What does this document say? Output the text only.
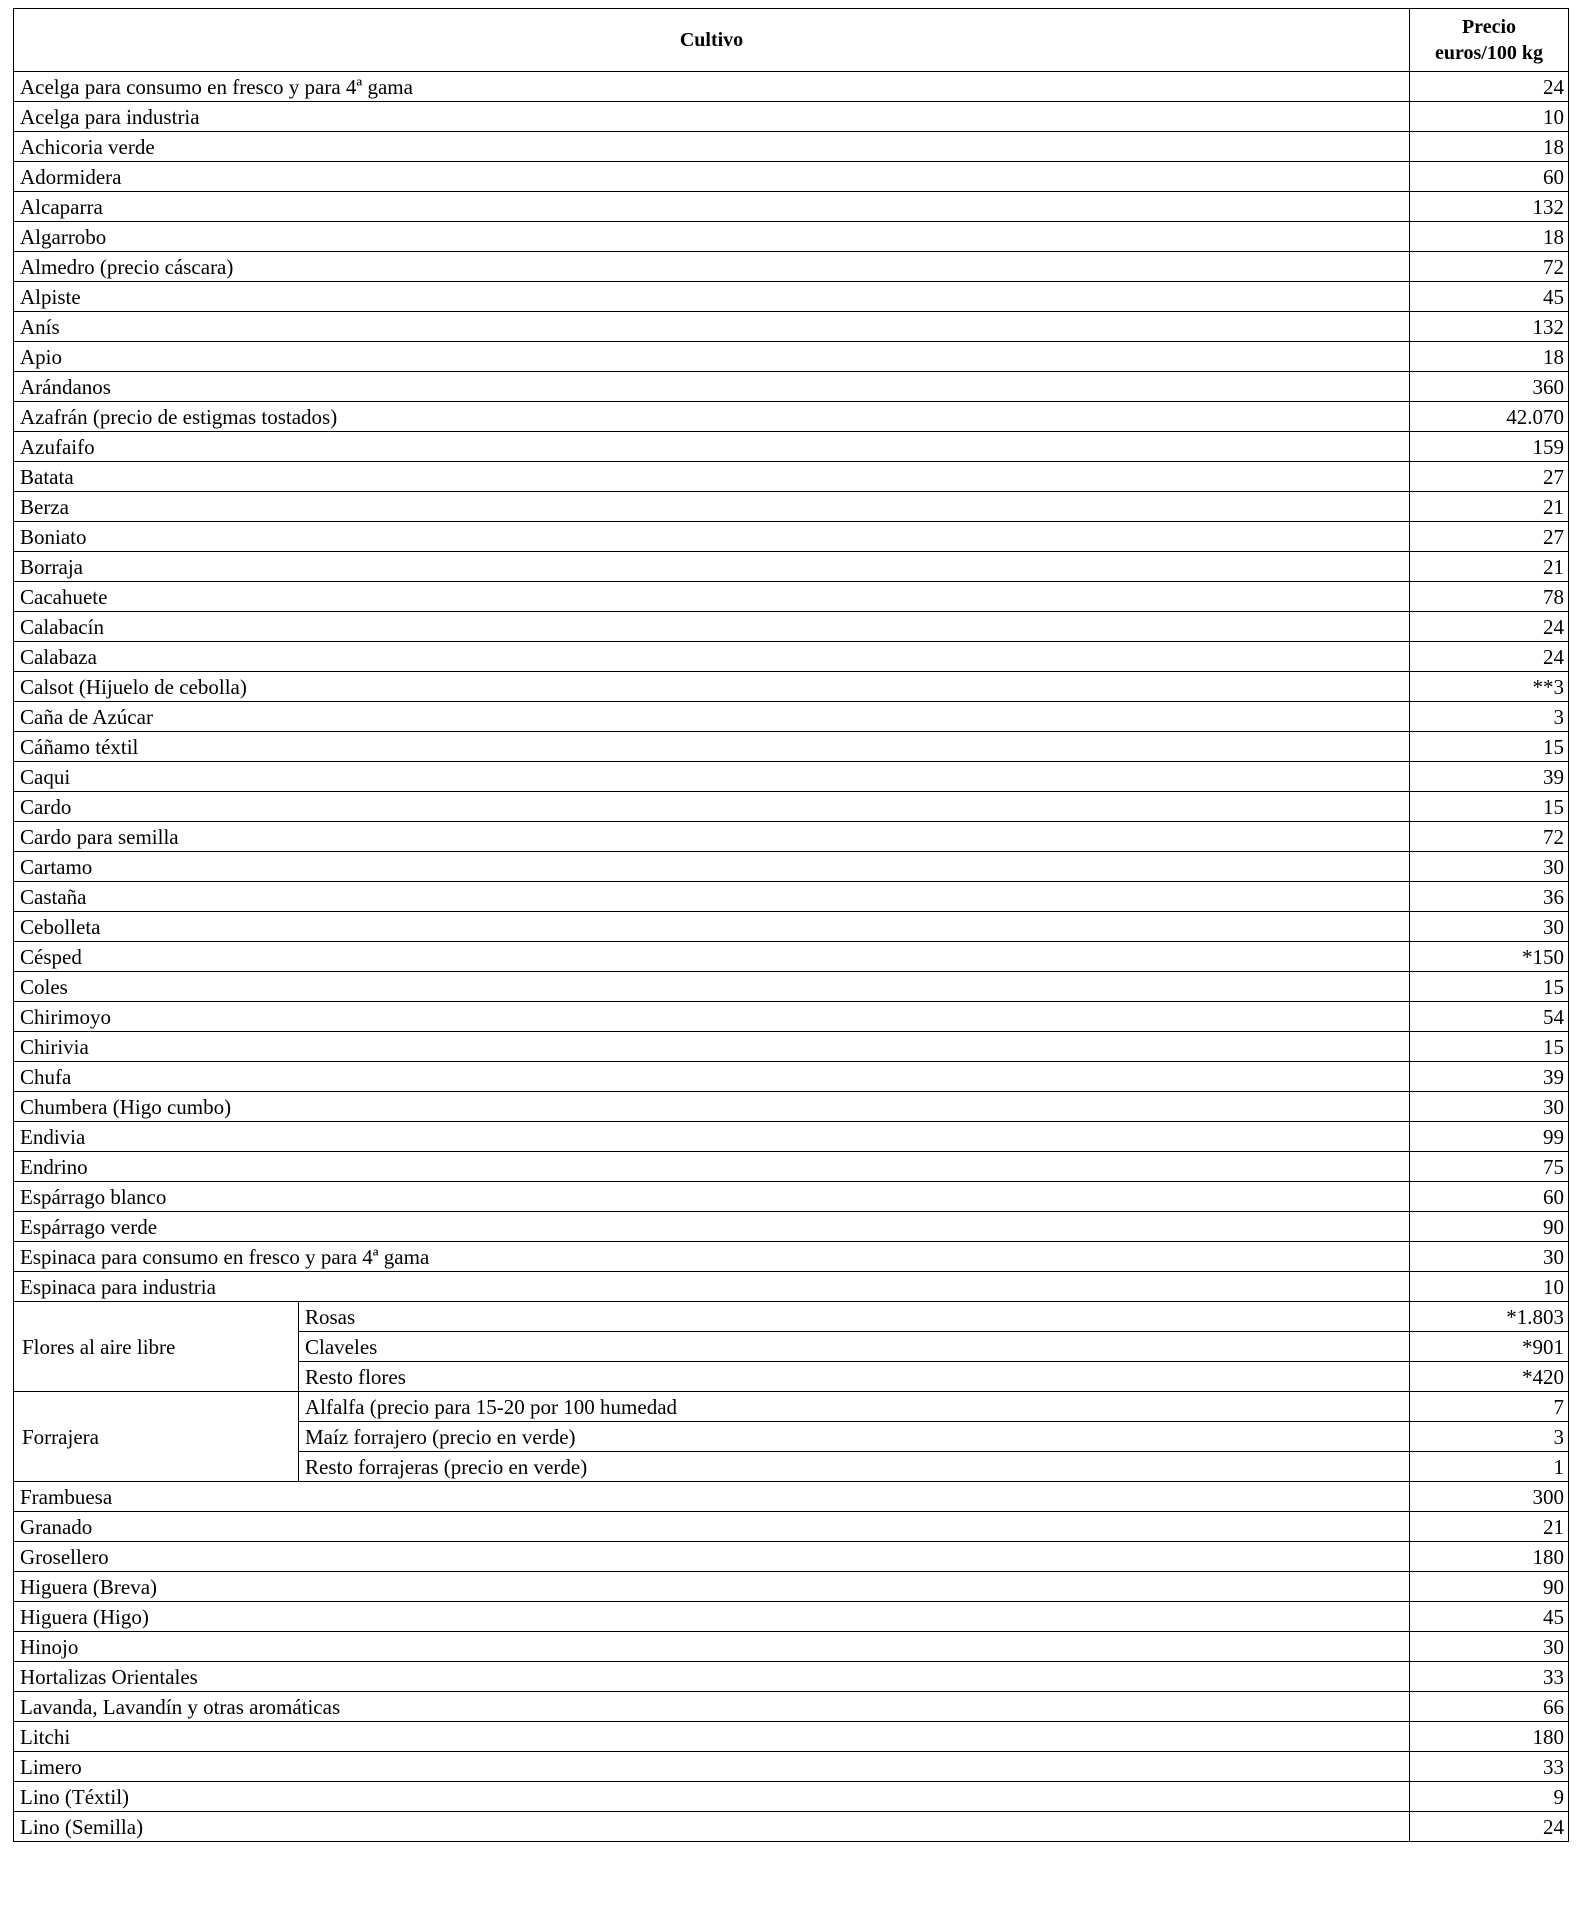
Cultivo		Precio
euros/100 kg
Acelga para consumo en fresco y para 4ª gama		24
Acelga para industria		10
Achicoria verde		18
Adormidera		60
Alcaparra		132
Algarrobo		18
Almedro (precio cáscara)		72
Alpiste		45
Anís		132
Apio		18
Arándanos		360
Azafrán (precio de estigmas tostados)		42.070
Azufaifo		159
Batata		27
Berza		21
Boniato		27
Borraja		21
Cacahuete		78
Calabacín		24
Calabaza		24
Calsot (Hijuelo de cebolla)		**3
Caña de Azúcar		3
Cáñamo téxtil		15
Caqui		39
Cardo		15
Cardo para semilla		72
Cartamo		30
Castaña		36
Cebolleta		30
Césped		*150
Coles		15
Chirimoyo		54
Chirivia		15
Chufa		39
Chumbera (Higo cumbo)		30
Endivia		99
Endrino		75
Espárrago blanco		60
Espárrago verde		90
Espinaca para consumo en fresco y para 4ª gama		30
Espinaca para industria		10
Flores al aire libre	Rosas	*1.803
	Claveles	*901
	Resto flores	*420
Forrajera	Alfalfa (precio para 15-20 por 100 humedad	7
	Maíz forrajero (precio en verde)	3
	Resto forrajeras (precio en verde)	1
Frambuesa		300
Granado		21
Grosellero		180
Higuera (Breva)		90
Higuera (Higo)		45
Hinojo		30
Hortalizas Orientales		33
Lavanda, Lavandín y otras aromáticas		66
Litchi		180
Limero		33
Lino (Téxtil)		9
Lino (Semilla)		24
